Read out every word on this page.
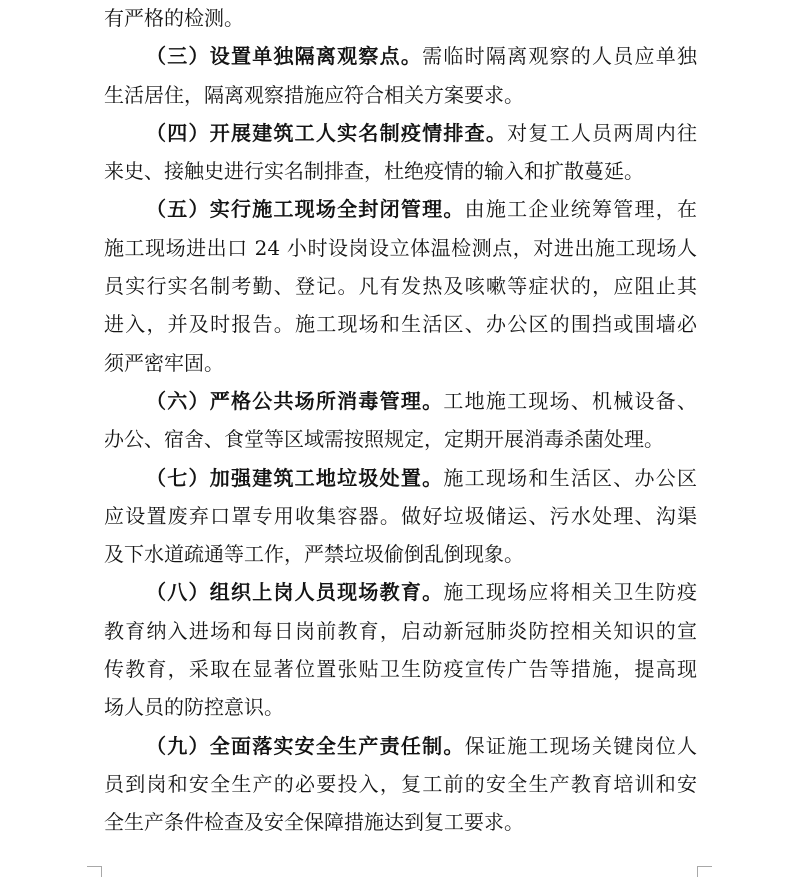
有严格的检测。
（三）设置单独隔离观察点。需临时隔离观察的人员应单独
生活居住，隔离观察措施应符合相关方案要求。
（四）开展建筑工人实名制疫情排查。对复工人员两周内往
来史、接触史进行实名制排查，杜绝疫情的输入和扩散蔓延。
（五）实行施工现场全封闭管理。由施工企业统筹管理，在
施工现场进出口 24 小时设岗设立体温检测点，对进出施工现场人
员实行实名制考勤、登记。凡有发热及咳嗽等症状的，应阻止其
进入，并及时报告。施工现场和生活区、办公区的围挡或围墙必
须严密牢固。
（六）严格公共场所消毒管理。工地施工现场、机械设备、
办公、宿舍、食堂等区域需按照规定，定期开展消毒杀菌处理。
（七）加强建筑工地垃圾处置。施工现场和生活区、办公区
应设置废弃口罩专用收集容器。做好垃圾储运、污水处理、沟渠
及下水道疏通等工作，严禁垃圾偷倒乱倒现象。
（八）组织上岗人员现场教育。施工现场应将相关卫生防疫
教育纳入进场和每日岗前教育，启动新冠肺炎防控相关知识的宣
传教育，采取在显著位置张贴卫生防疫宣传广告等措施，提高现
场人员的防控意识。
（九）全面落实安全生产责任制。保证施工现场关键岗位人
员到岗和安全生产的必要投入，复工前的安全生产教育培训和安
全生产条件检查及安全保障措施达到复工要求。
